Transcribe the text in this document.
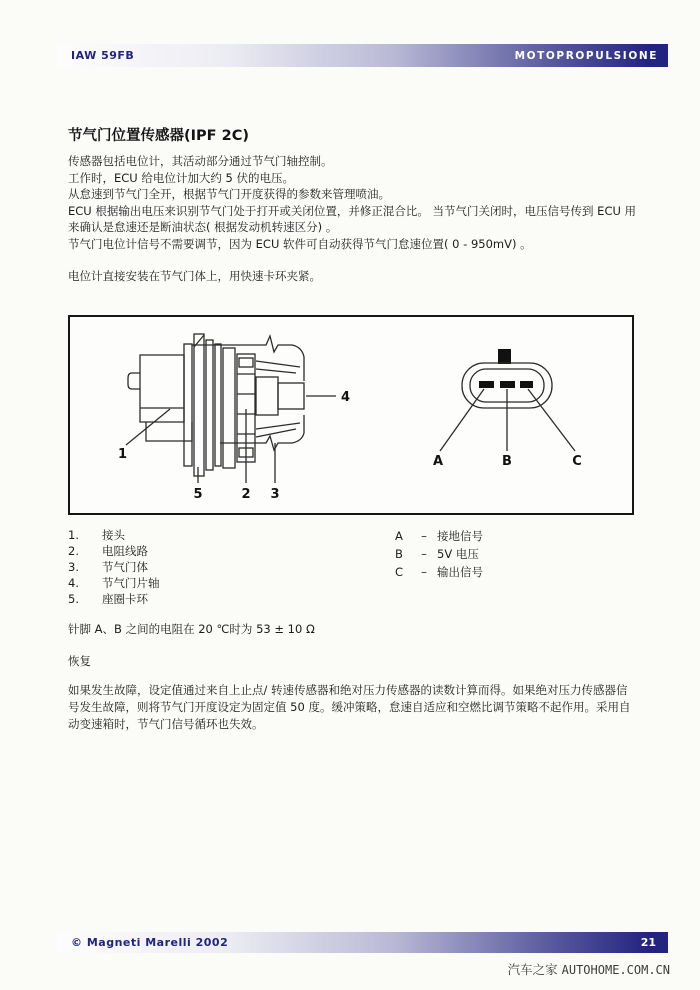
IAW 59FB	MOTOPROPULSIONE
节气门位置传感器(IPF 2C)
传感器包括电位计，其活动部分通过节气门轴控制。
工作时，ECU 给电位计加大约 5 伏的电压。
从怠速到节气门全开，根据节气门开度获得的参数来管理喷油。
ECU 根据输出电压来识别节气门处于打开或关闭位置，并修正混合比。 当节气门关闭时，电压信号传到 ECU 用
来确认是怠速还是断油状态( 根据发动机转速区分) 。
节气门电位计信号不需要调节，因为 ECU 软件可自动获得节气门怠速位置( 0 - 950mV) 。
电位计直接安装在节气门体上，用快速卡环夹紧。
1
5	2 3
4
A	B	C
1. 接头
2. 电阻线路
3. 节气门体
4. 节气门片轴
5. 座圈卡环
A – 接地信号
B – 5V 电压
C – 输出信号
针脚 A、B 之间的电阻在 20 ℃时为 53 ± 10 Ω
恢复
如果发生故障，设定值通过来自上止点/ 转速传感器和绝对压力传感器的读数计算而得。如果绝对压力传感器信
号发生故障，则将节气门开度设定为固定值 50 度。缓冲策略，怠速自适应和空燃比调节策略不起作用。采用自
动变速箱时，节气门信号循环也失效。
© Magneti Marelli 2002	21
汽车之家 AUTOHOME.COM.CN
